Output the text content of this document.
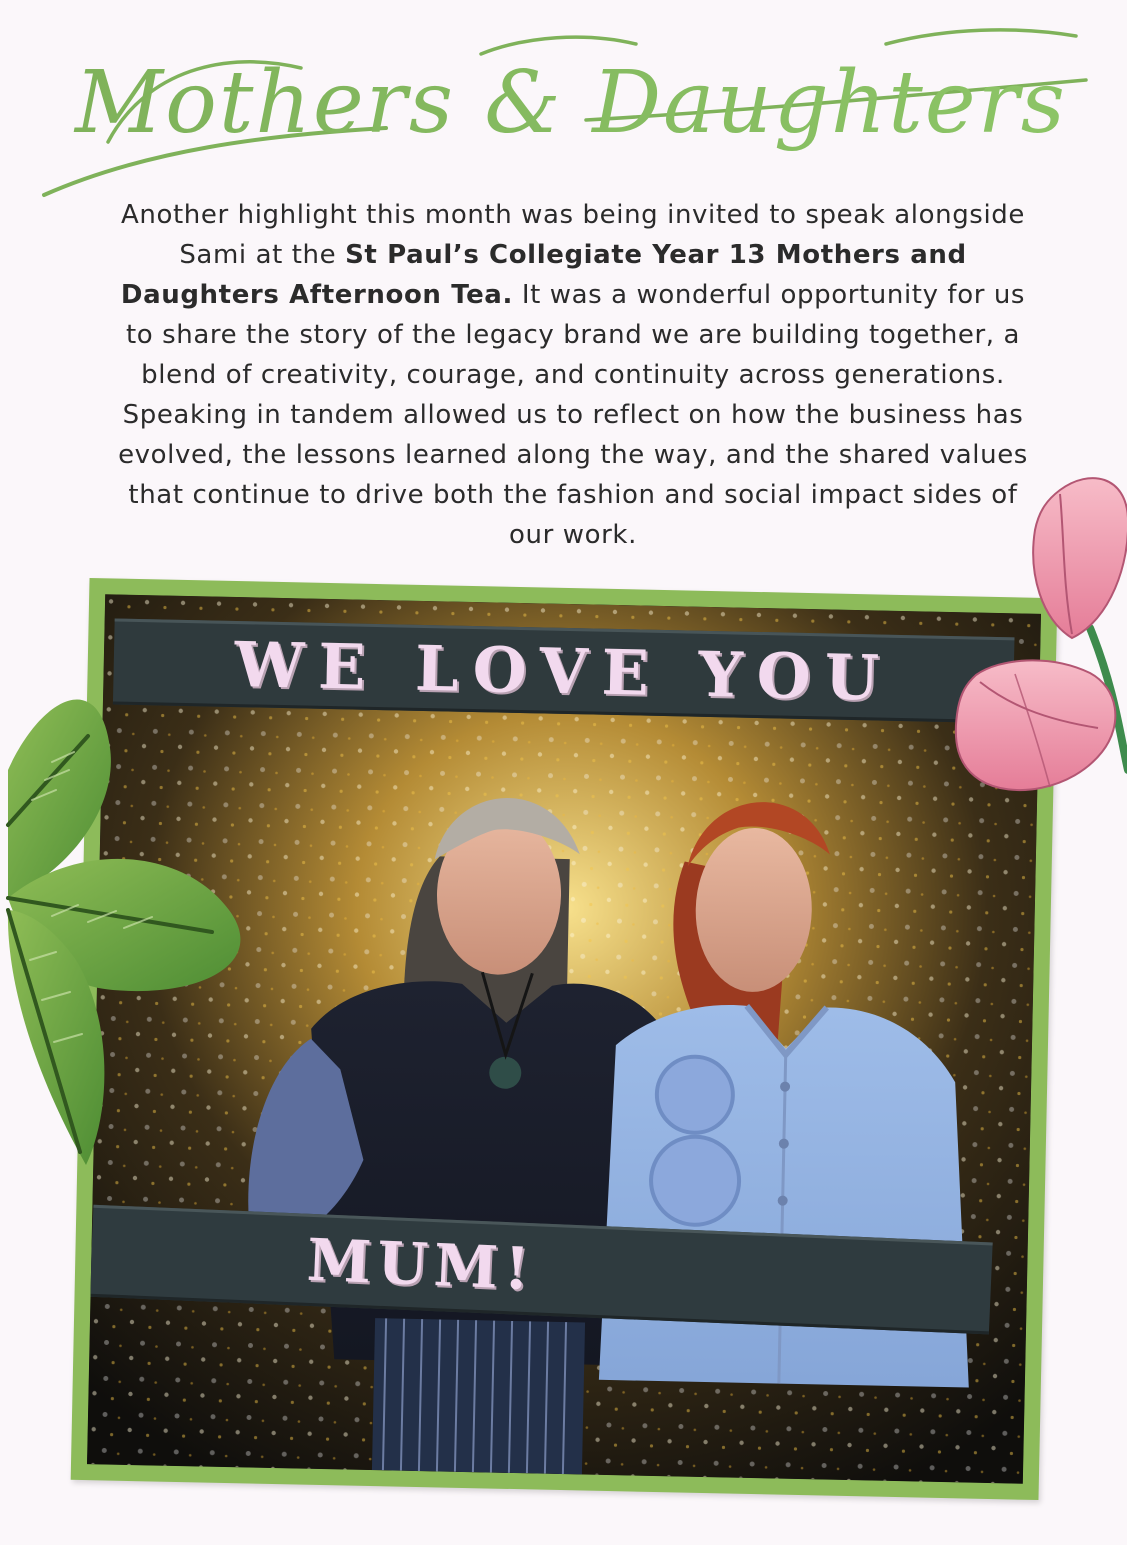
Mothers & Daughters
Another highlight this month was being invited to speak alongside Sami at the St Paul’s Collegiate Year 13 Mothers and Daughters Afternoon Tea. It was a wonderful opportunity for us to share the story of the legacy brand we are building together, a blend of creativity, courage, and continuity across generations. Speaking in tandem allowed us to reflect on how the business has evolved, the lessons learned along the way, and the shared values that continue to drive both the fashion and social impact sides of our work.
WE LOVE YOU
MUM!
